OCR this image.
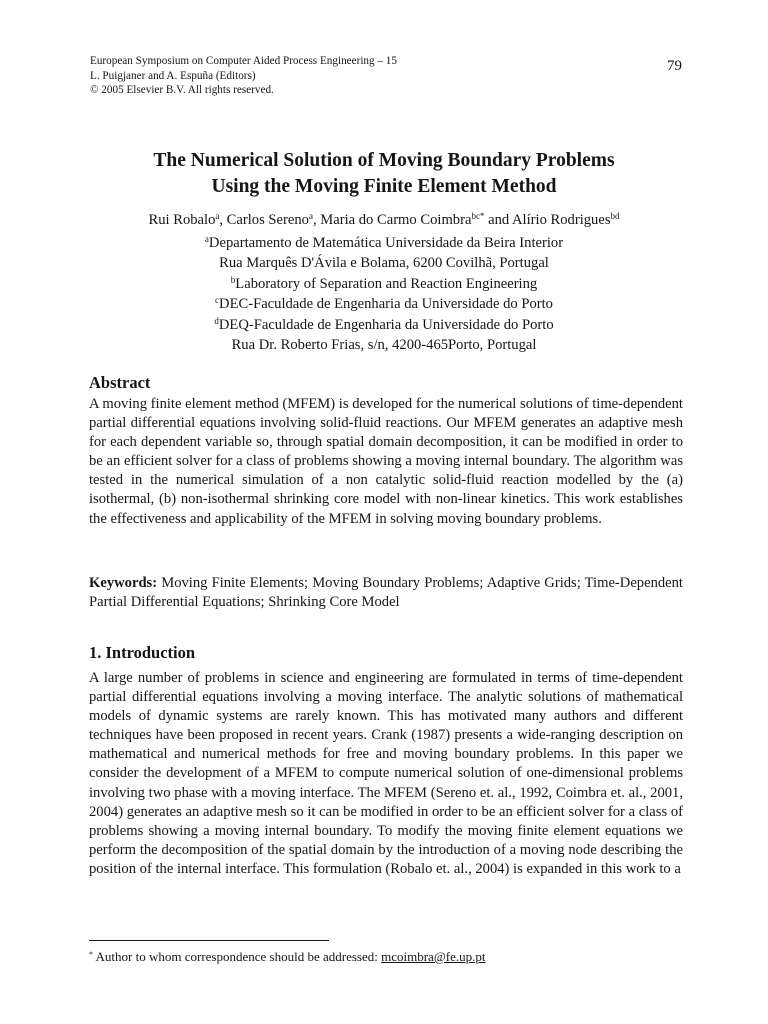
European Symposium on Computer Aided Process Engineering – 15
L. Puigjaner and A. Espuña (Editors)
© 2005 Elsevier B.V. All rights reserved.
79
The Numerical Solution of Moving Boundary Problems
Using the Moving Finite Element Method
Rui Robalo$^a$, Carlos Sereno$^a$, Maria do Carmo Coimbra$^{bc*}$ and Alírio Rodrigues$^{bd}$
$^a$Departamento de Matemática Universidade da Beira Interior
Rua Marquês D'Ávila e Bolama, 6200 Covilhã, Portugal
$^b$Laboratory of Separation and Reaction Engineering
$^c$DEC-Faculdade de Engenharia da Universidade do Porto
$^d$DEQ-Faculdade de Engenharia da Universidade do Porto
Rua Dr. Roberto Frias, s/n, 4200-465Porto, Portugal
Abstract

A moving finite element method (MFEM) is developed for the numerical solutions of time-dependent partial differential equations involving solid-fluid reactions. Our MFEM generates an adaptive mesh for each dependent variable so, through spatial domain decomposition, it can be modified in order to be an efficient solver for a class of problems showing a moving internal boundary. The algorithm was tested in the numerical simulation of a non catalytic solid-fluid reaction modelled by the (a) isothermal, (b) non-isothermal shrinking core model with non-linear kinetics. This work establishes the effectiveness and applicability of the MFEM in solving moving boundary problems.

Keywords: Moving Finite Elements; Moving Boundary Problems; Adaptive Grids; Time-Dependent Partial Differential Equations; Shrinking Core Model

1. Introduction

A large number of problems in science and engineering are formulated in terms of time-dependent partial differential equations involving a moving interface. The analytic solutions of mathematical models of dynamic systems are rarely known. This has motivated many authors and different techniques have been proposed in recent years. Crank (1987) presents a wide-ranging description on mathematical and numerical methods for free and moving boundary problems. In this paper we consider the development of a MFEM to compute numerical solution of one-dimensional problems involving two phase with a moving interface. The MFEM (Sereno et. al., 1992, Coimbra et. al., 2001, 2004) generates an adaptive mesh so it can be modified in order to be an efficient solver for a class of problems showing a moving internal boundary. To modify the moving finite element equations we perform the decomposition of the spatial domain by the introduction of a moving node describing the position of the internal interface. This formulation (Robalo et. al., 2004) is expanded in this work to a

* Author to whom correspondence should be addressed: mcoimbra@fe.up.pt
